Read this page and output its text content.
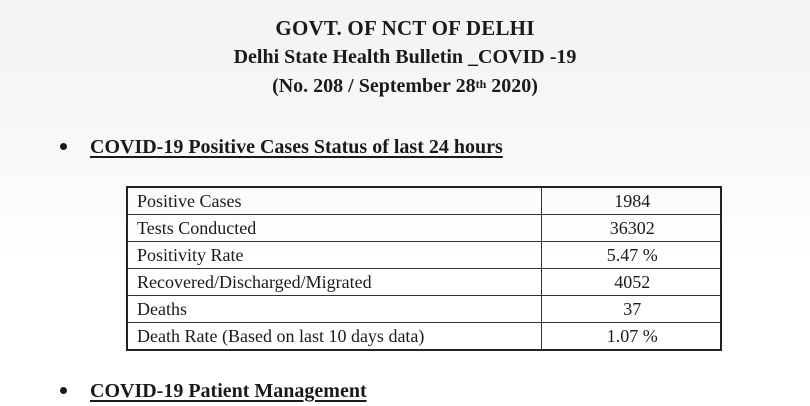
GOVT. OF NCT OF DELHI
Delhi State Health Bulletin _COVID -19
(No. 208 / September 28th 2020)
COVID-19 Positive Cases Status of last 24 hours
Positive Cases	1984
Tests Conducted	36302
Positivity Rate	5.47 %
Recovered/Discharged/Migrated	4052
Deaths	37
Death Rate (Based on last 10 days data)	1.07 %
COVID-19 Patient Management
